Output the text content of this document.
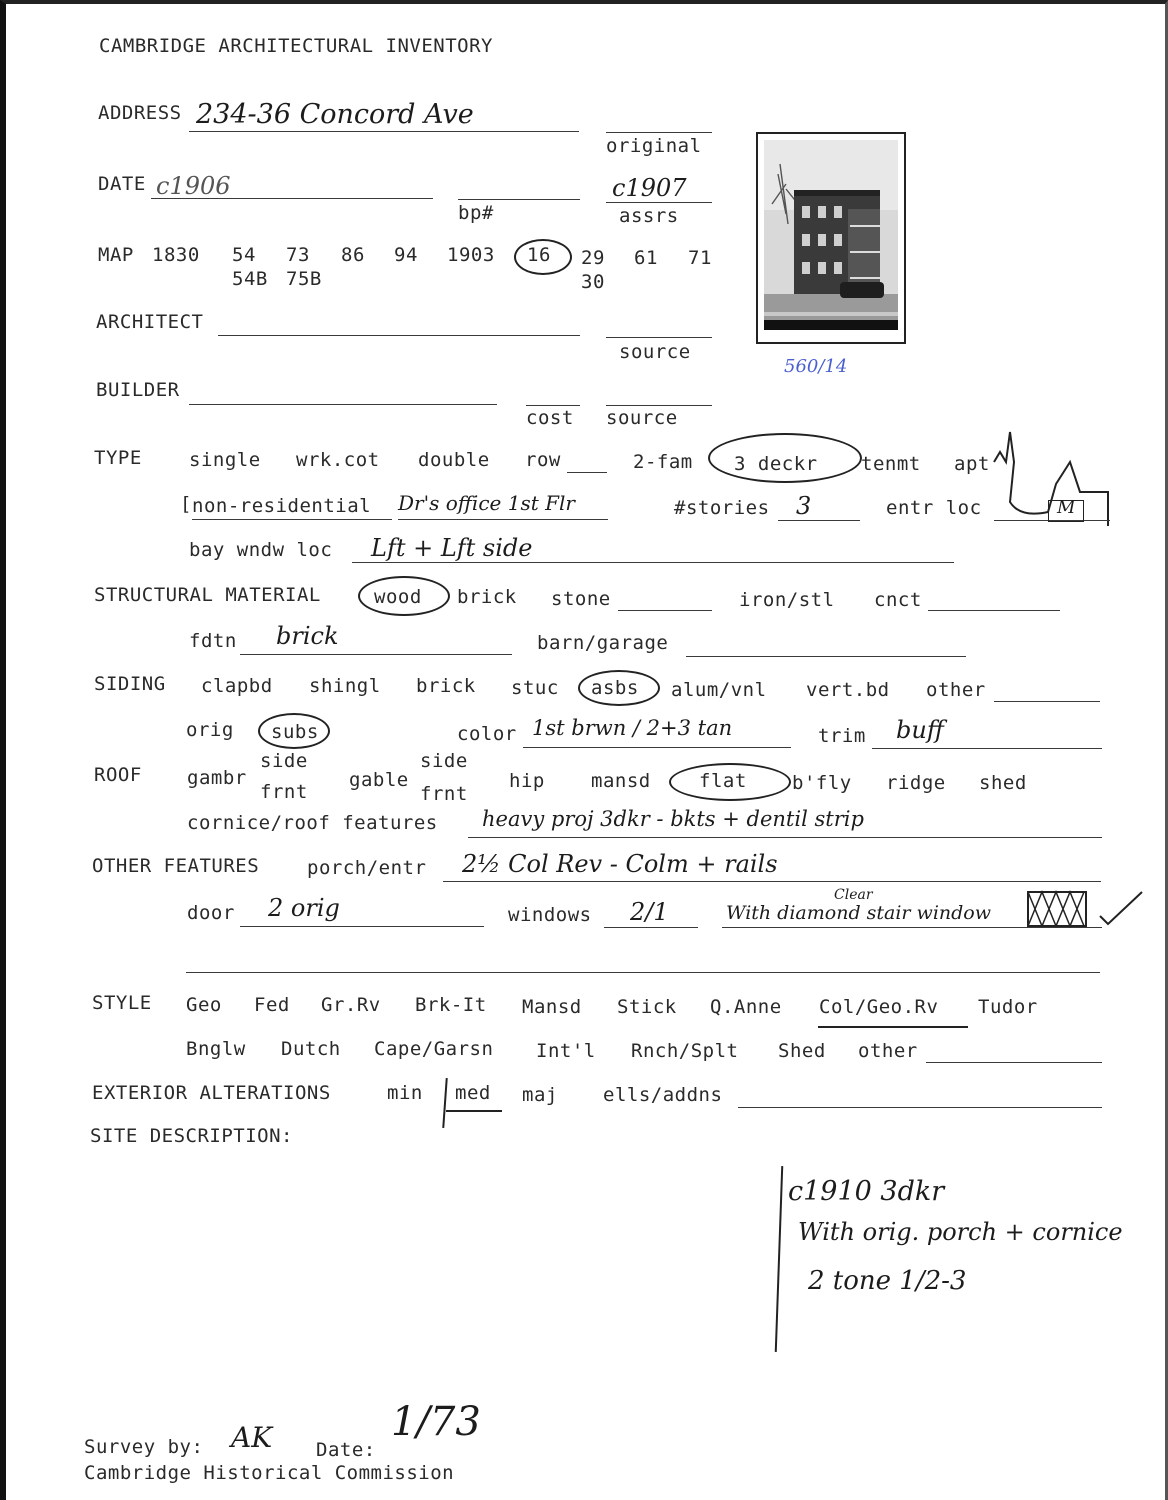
CAMBRIDGE ARCHITECTURAL INVENTORY
ADDRESS 234-36 Concord Ave
original
DATE c1906
bp#
c1907
assrs
MAP 1830 54 73 86 94 1903 16 29 61 71
54B 75B	30
560/14
ARCHITECT
source
BUILDER
cost source
TYPE single wrk.cot double row	2-fam 3 deckr tenmt apt
[ non-residential Dr's office 1st Flr	#stories 3	entr loc	M
bay wndw loc Lft + Lft side
STRUCTURAL MATERIAL	wood brick stone	iron/stl cnct
fdtn brick	barn/garage
SIDING clapbd shingl brick stuc asbs alum/vnl vert.bd other
orig subs	color 1st brwn / 2+3 tan	trim buff
side	side
ROOF gambr
frnt
gable
frnt
hip mansd	flat b'fly ridge shed
cornice/roof features heavy proj 3dkr - bkts + dentil strip
OTHER FEATURES	porch/entr 2½ Col Rev - Colm + rails
door 2 orig	windows 2/1
Clear
With diamond stair window
STYLE Geo Fed Gr.Rv Brk-It Mansd Stick Q.Anne Col/Geo.Rv Tudor
Bnglw Dutch Cape/Garsn Int'l Rnch/Splt Shed other
EXTERIOR ALTERATIONS	min med maj ells/addns
SITE DESCRIPTION:
c1910 3dkr
With orig. porch + cornice
2 tone 1/2-3
Survey by: AK Date:
1/73
Cambridge Historical Commission
